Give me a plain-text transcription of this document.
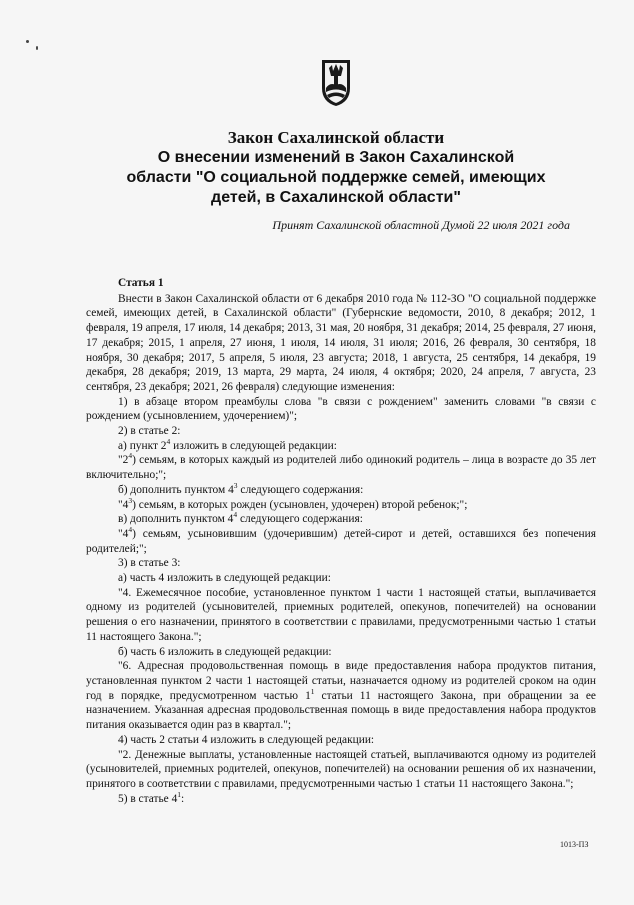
Закон Сахалинской области

О внесении изменений в Закон Сахалинской

области "О социальной поддержке семей, имеющих

детей, в Сахалинской области"

Принят Сахалинской областной Думой 22 июля 2021 года

Статья 1

Внести в Закон Сахалинской области от 6 декабря 2010 года № 112-ЗО "О социальной поддержке семей, имеющих детей, в Сахалинской области" (Губернские ведомости, 2010, 8 декабря; 2012, 1 февраля, 19 апреля, 17 июля, 14 декабря; 2013, 31 мая, 20 ноября, 31 декабря; 2014, 25 февраля, 27 июня, 17 декабря; 2015, 1 апреля, 27 июня, 1 июля, 14 июля, 31 июля; 2016, 26 февраля, 30 сентября, 18 ноября, 30 декабря; 2017, 5 апреля, 5 июля, 23 августа; 2018, 1 августа, 25 сентября, 14 декабря, 19 декабря, 28 декабря; 2019, 13 марта, 29 марта, 24 июля, 4 октября; 2020, 24 апреля, 7 августа, 23 сентября, 23 декабря; 2021, 26 февраля) следующие изменения:

1) в абзаце втором преамбулы слова "в связи с рождением" заменить словами "в связи с рождением (усыновлением, удочерением)";

2) в статье 2:

а) пункт $2^4$ изложить в следующей редакции:

"$2^4$) семьям, в которых каждый из родителей либо одинокий родитель – лица в возрасте до 35 лет включительно;";

б) дополнить пунктом $4^3$ следующего содержания:

"$4^3$) семьям, в которых рожден (усыновлен, удочерен) второй ребенок;";

в) дополнить пунктом $4^4$ следующего содержания:

"$4^4$) семьям, усыновившим (удочерившим) детей-сирот и детей, оставшихся без попечения родителей;";

3) в статье 3:

а) часть 4 изложить в следующей редакции:

"4. Ежемесячное пособие, установленное пунктом 1 части 1 настоящей статьи, выплачивается одному из родителей (усыновителей, приемных родителей, опекунов, попечителей) на основании решения о его назначении, принятого в соответствии с правилами, предусмотренными частью 1 статьи 11 настоящего Закона.";

б) часть 6 изложить в следующей редакции:

"6. Адресная продовольственная помощь в виде предоставления набора продуктов питания, установленная пунктом 2 части 1 настоящей статьи, назначается одному из родителей сроком на один год в порядке, предусмотренном частью $1^1$ статьи 11 настоящего Закона, при обращении за ее назначением. Указанная адресная продовольственная помощь в виде предоставления набора продуктов питания оказывается один раз в квартал.";

4) часть 2 статьи 4 изложить в следующей редакции:

"2. Денежные выплаты, установленные настоящей статьей, выплачиваются одному из родителей (усыновителей, приемных родителей, опекунов, попечителей) на основании решения об их назначении, принятого в соответствии с правилами, предусмотренными частью 1 статьи 11 настоящего Закона.";

5) в статье $4^1$:

1013-ПЗ
